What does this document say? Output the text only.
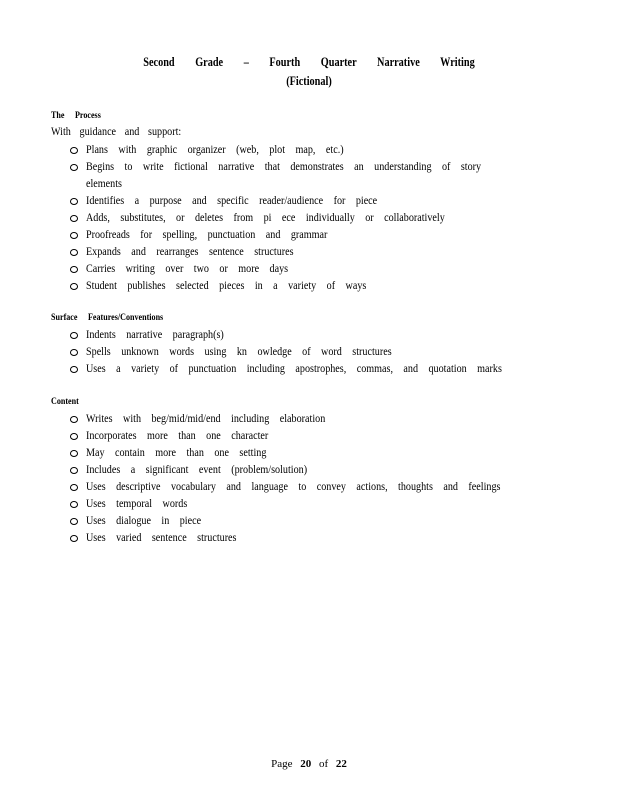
Second Grade – Fourth Quarter Narrative Writing
(Fictional)
The Process
With guidance and support:
Plans with graphic organizer (web, plot map, etc.)
Begins to write fictional narrative that demonstrates an understanding of story elements
Identifies a purpose and specific reader/audience for piece
Adds, substitutes, or deletes from pi ece individually or collaboratively
Proofreads for spelling, punctuation and grammar
Expands and rearranges sentence structures
Carries writing over two or more days
Student publishes selected pieces in a variety of ways
Surface Features/Conventions
Indents narrative paragraph(s)
Spells unknown words using kn owledge of word structures
Uses a variety of punctuation including apostrophes, commas, and quotation marks
Content
Writes with beg/mid/mid/end including elaboration
Incorporates more than one character
May contain more than one setting
Includes a significant event (problem/solution)
Uses descriptive vocabulary and language to convey actions, thoughts and feelings
Uses temporal words
Uses dialogue in piece
Uses varied sentence structures
Page 20 of 22
